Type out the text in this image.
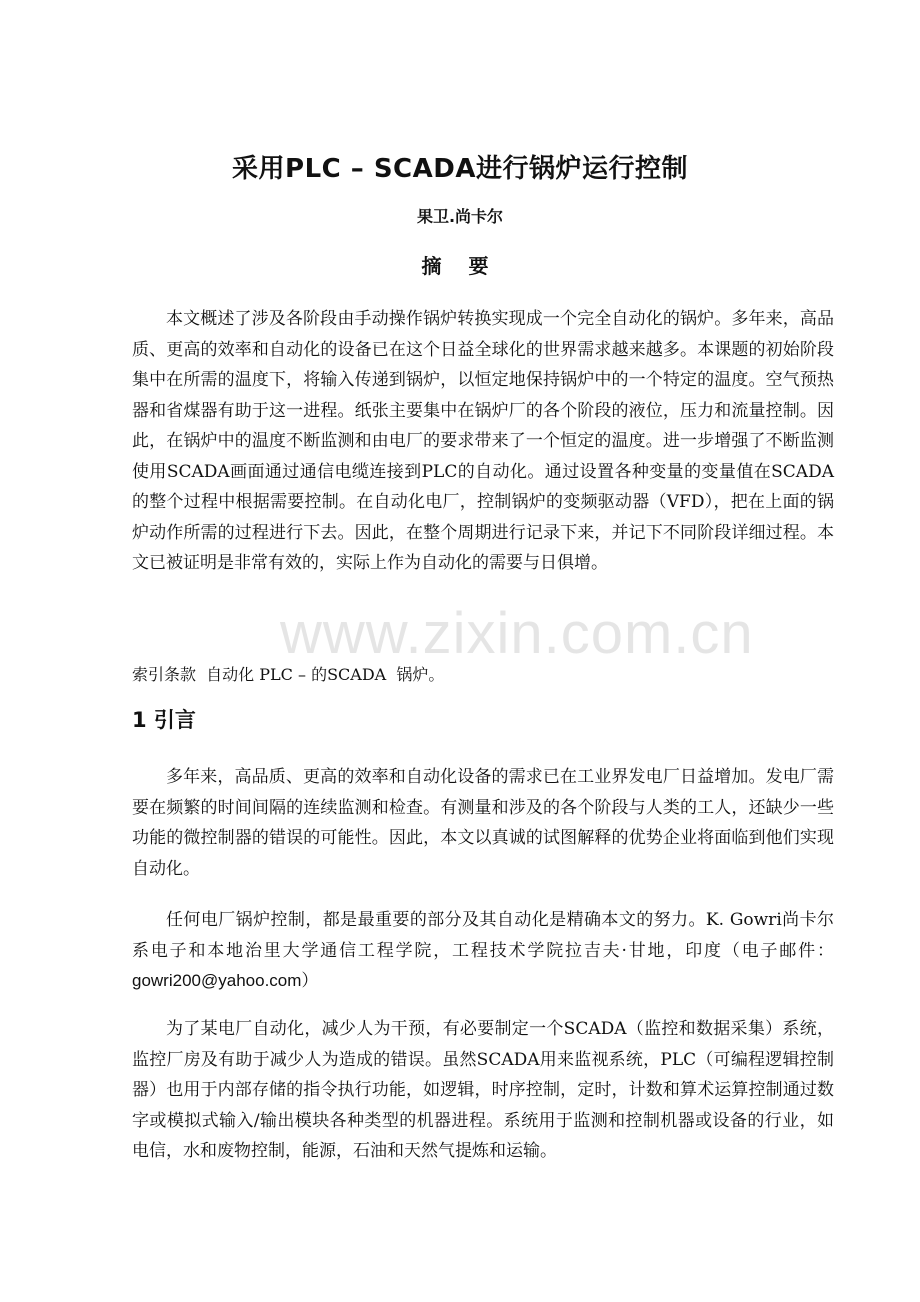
采用PLC – SCADA进行锅炉运行控制
果卫.尚卡尔
摘 要

本文概述了涉及各阶段由手动操作锅炉转换实现成一个完全自动化的锅炉。多年来，高品质、更高的效率和自动化的设备已在这个日益全球化的世界需求越来越多。本课题的初始阶段集中在所需的温度下，将输入传递到锅炉，以恒定地保持锅炉中的一个特定的温度。空气预热器和省煤器有助于这一进程。纸张主要集中在锅炉厂的各个阶段的液位，压力和流量控制。因此，在锅炉中的温度不断监测和由电厂的要求带来了一个恒定的温度。进一步增强了不断监测使用SCADA画面通过通信电缆连接到PLC的自动化。通过设置各种变量的变量值在SCADA的整个过程中根据需要控制。在自动化电厂，控制锅炉的变频驱动器（VFD），把在上面的锅炉动作所需的过程进行下去。因此，在整个周期进行记录下来，并记下不同阶段详细过程。本文已被证明是非常有效的，实际上作为自动化的需要与日俱增。

索引条款  自动化 PLC – 的SCADA  锅炉。

1 引言

多年来，高品质、更高的效率和自动化设备的需求已在工业界发电厂日益增加。发电厂需要在频繁的时间间隔的连续监测和检查。有测量和涉及的各个阶段与人类的工人，还缺少一些功能的微控制器的错误的可能性。因此，本文以真诚的试图解释的优势企业将面临到他们实现自动化。

任何电厂锅炉控制，都是最重要的部分及其自动化是精确本文的努力。K. Gowri尚卡尔系电子和本地治里大学通信工程学院，工程技术学院拉吉夫·甘地，印度（电子邮件：gowri200@yahoo.com）

为了某电厂自动化，减少人为干预，有必要制定一个SCADA（监控和数据采集）系统，监控厂房及有助于减少人为造成的错误。虽然SCADA用来监视系统，PLC（可编程逻辑控制器）也用于内部存储的指令执行功能，如逻辑，时序控制，定时，计数和算术运算控制通过数字或模拟式输入/输出模块各种类型的机器进程。系统用于监测和控制机器或设备的行业，如电信，水和废物控制，能源，石油和天然气提炼和运输。

www.zixin.com.cn
